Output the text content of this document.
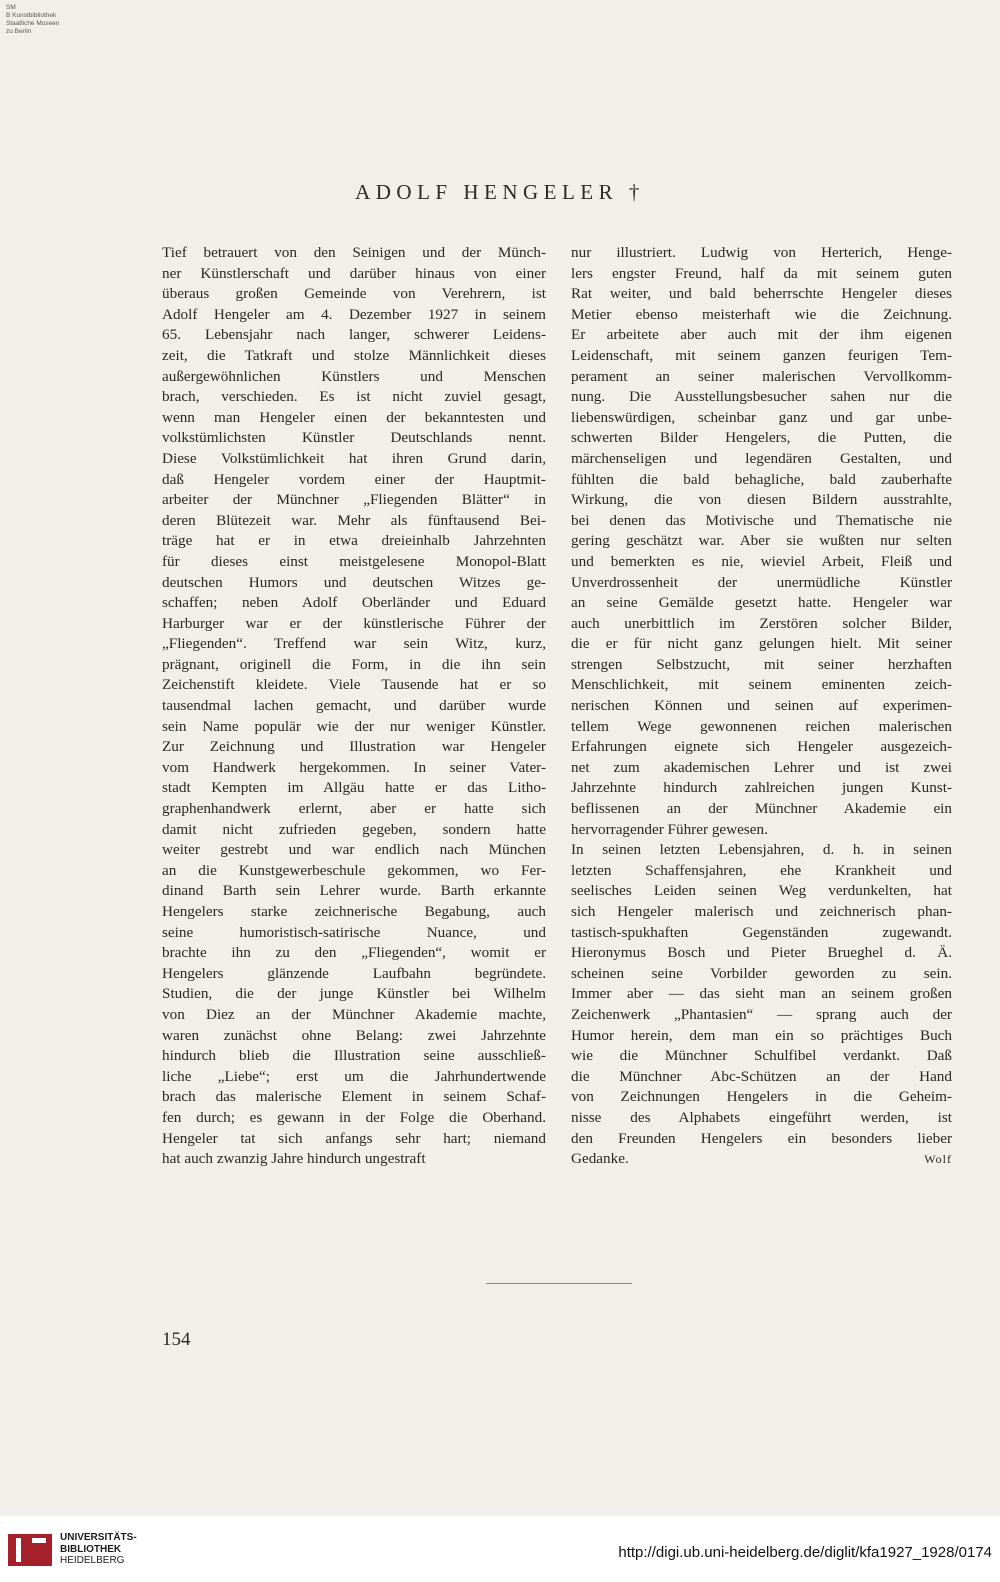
SM
B Kunstbibliothek
Staatliche Museen
zu Berlin
ADOLF HENGELER †
Tief betrauert von den Seinigen und der Münch-
ner Künstlerschaft und darüber hinaus von einer
überaus großen Gemeinde von Verehrern, ist
Adolf Hengeler am 4. Dezember 1927 in seinem
65. Lebensjahr nach langer, schwerer Leidens-
zeit, die Tatkraft und stolze Männlichkeit dieses
außergewöhnlichen Künstlers und Menschen
brach, verschieden. Es ist nicht zuviel gesagt,
wenn man Hengeler einen der bekanntesten und
volkstümlichsten Künstler Deutschlands nennt.
Diese Volkstümlichkeit hat ihren Grund darin,
daß Hengeler vordem einer der Hauptmit-
arbeiter der Münchner „Fliegenden Blätter“ in
deren Blütezeit war. Mehr als fünftausend Bei-
träge hat er in etwa dreieinhalb Jahrzehnten
für dieses einst meistgelesene Monopol-Blatt
deutschen Humors und deutschen Witzes ge-
schaffen; neben Adolf Oberländer und Eduard
Harburger war er der künstlerische Führer der
„Fliegenden“. Treffend war sein Witz, kurz,
prägnant, originell die Form, in die ihn sein
Zeichenstift kleidete. Viele Tausende hat er so
tausendmal lachen gemacht, und darüber wurde
sein Name populär wie der nur weniger Künstler.
Zur Zeichnung und Illustration war Hengeler
vom Handwerk hergekommen. In seiner Vater-
stadt Kempten im Allgäu hatte er das Litho-
graphenhandwerk erlernt, aber er hatte sich
damit nicht zufrieden gegeben, sondern hatte
weiter gestrebt und war endlich nach München
an die Kunstgewerbeschule gekommen, wo Fer-
dinand Barth sein Lehrer wurde. Barth erkannte
Hengelers starke zeichnerische Begabung, auch
seine humoristisch-satirische Nuance, und
brachte ihn zu den „Fliegenden“, womit er
Hengelers glänzende Laufbahn begründete.
Studien, die der junge Künstler bei Wilhelm
von Diez an der Münchner Akademie machte,
waren zunächst ohne Belang: zwei Jahrzehnte
hindurch blieb die Illustration seine ausschließ-
liche „Liebe“; erst um die Jahrhundertwende
brach das malerische Element in seinem Schaf-
fen durch; es gewann in der Folge die Oberhand.
Hengeler tat sich anfangs sehr hart; niemand
hat auch zwanzig Jahre hindurch ungestraft
nur illustriert. Ludwig von Herterich, Henge-
lers engster Freund, half da mit seinem guten
Rat weiter, und bald beherrschte Hengeler dieses
Metier ebenso meisterhaft wie die Zeichnung.
Er arbeitete aber auch mit der ihm eigenen
Leidenschaft, mit seinem ganzen feurigen Tem-
perament an seiner malerischen Vervollkomm-
nung. Die Ausstellungsbesucher sahen nur die
liebenswürdigen, scheinbar ganz und gar unbe-
schwerten Bilder Hengelers, die Putten, die
märchenseligen und legendären Gestalten, und
fühlten die bald behagliche, bald zauberhafte
Wirkung, die von diesen Bildern ausstrahlte,
bei denen das Motivische und Thematische nie
gering geschätzt war. Aber sie wußten nur selten
und bemerkten es nie, wieviel Arbeit, Fleiß und
Unverdrossenheit der unermüdliche Künstler
an seine Gemälde gesetzt hatte. Hengeler war
auch unerbittlich im Zerstören solcher Bilder,
die er für nicht ganz gelungen hielt. Mit seiner
strengen Selbstzucht, mit seiner herzhaften
Menschlichkeit, mit seinem eminenten zeich-
nerischen Können und seinen auf experimen-
tellem Wege gewonnenen reichen malerischen
Erfahrungen eignete sich Hengeler ausgezeich-
net zum akademischen Lehrer und ist zwei
Jahrzehnte hindurch zahlreichen jungen Kunst-
beflissenen an der Münchner Akademie ein
hervorragender Führer gewesen.
In seinen letzten Lebensjahren, d. h. in seinen
letzten Schaffensjahren, ehe Krankheit und
seelisches Leiden seinen Weg verdunkelten, hat
sich Hengeler malerisch und zeichnerisch phan-
tastisch-spukhaften Gegenständen zugewandt.
Hieronymus Bosch und Pieter Brueghel d. Ä.
scheinen seine Vorbilder geworden zu sein.
Immer aber — das sieht man an seinem großen
Zeichenwerk „Phantasien“ — sprang auch der
Humor herein, dem man ein so prächtiges Buch
wie die Münchner Schulfibel verdankt. Daß
die Münchner Abc-Schützen an der Hand
von Zeichnungen Hengelers in die Geheim-
nisse des Alphabets eingeführt werden, ist
den Freunden Hengelers ein besonders lieber
Gedanke.	Wolf
154
UNIVERSITÄTS-
BIBLIOTHEK
HEIDELBERG	http://digi.ub.uni-heidelberg.de/diglit/kfa1927_1928/0174
